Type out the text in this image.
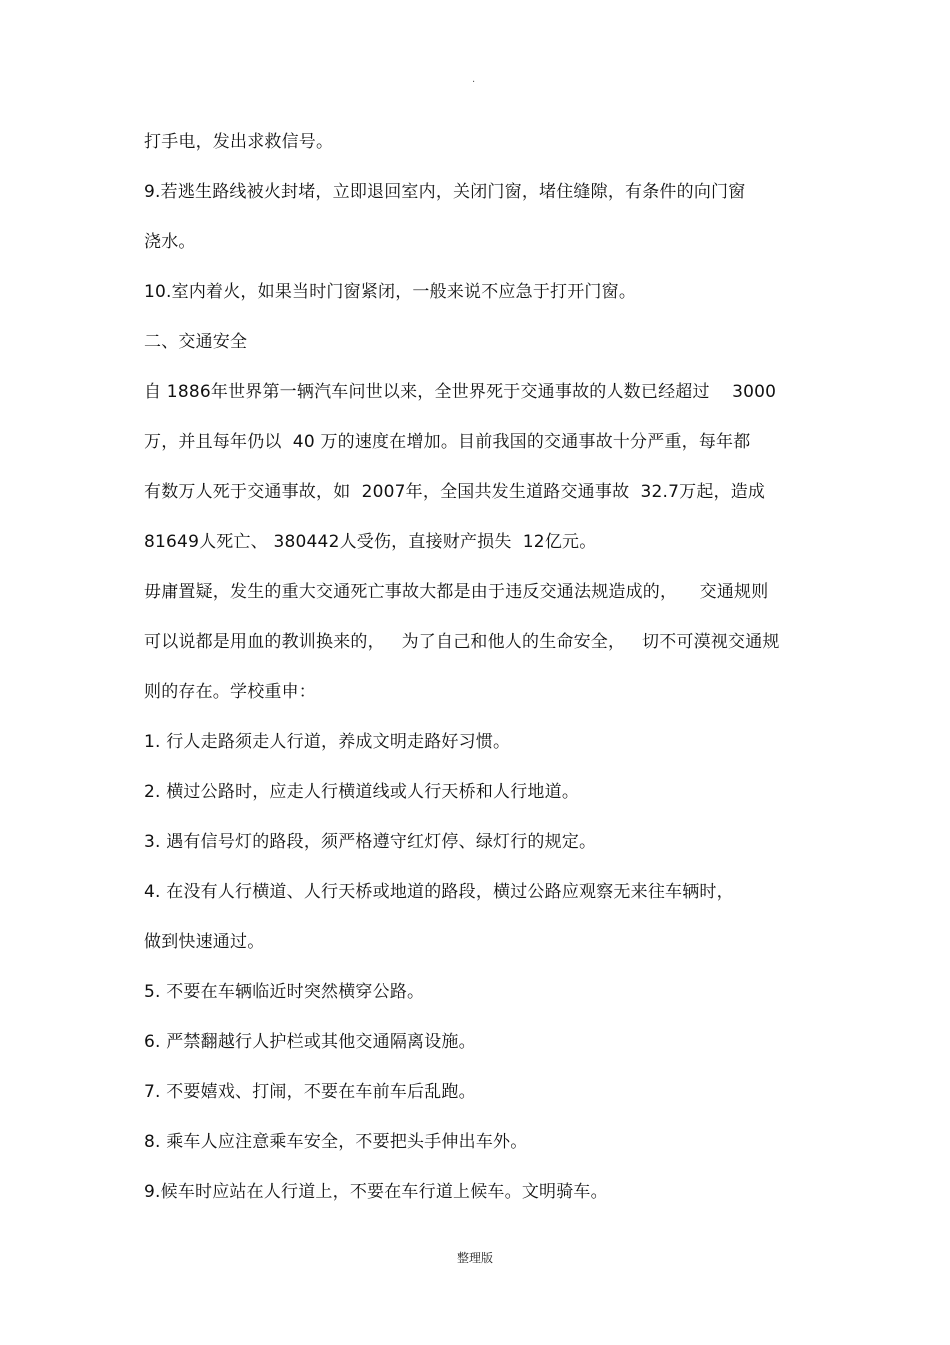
.
打手电，发出求救信号。
9.若逃生路线被火封堵，立即退回室内，关闭门窗，堵住缝隙，有条件的向门窗
浇水。
10.室内着火，如果当时门窗紧闭，一般来说不应急于打开门窗。
二、交通安全
自 1886年世界第一辆汽车问世以来，全世界死于交通事故的人数已经超过    3000
万，并且每年仍以  40 万的速度在增加。目前我国的交通事故十分严重，每年都
有数万人死于交通事故，如  2007年，全国共发生道路交通事故  32.7万起，造成
81649人死亡、 380442人受伤，直接财产损失  12亿元。
毋庸置疑，发生的重大交通死亡事故大都是由于违反交通法规造成的，    交通规则
可以说都是用血的教训换来的，   为了自己和他人的生命安全，   切不可漠视交通规
则的存在。学校重申：
1. 行人走路须走人行道，养成文明走路好习惯。
2. 横过公路时，应走人行横道线或人行天桥和人行地道。
3. 遇有信号灯的路段，须严格遵守红灯停、绿灯行的规定。
4. 在没有人行横道、人行天桥或地道的路段，横过公路应观察无来往车辆时，
做到快速通过。
5. 不要在车辆临近时突然横穿公路。
6. 严禁翻越行人护栏或其他交通隔离设施。
7. 不要嬉戏、打闹，不要在车前车后乱跑。
8. 乘车人应注意乘车安全，不要把头手伸出车外。
9.候车时应站在人行道上，不要在车行道上候车。文明骑车。
整理版
